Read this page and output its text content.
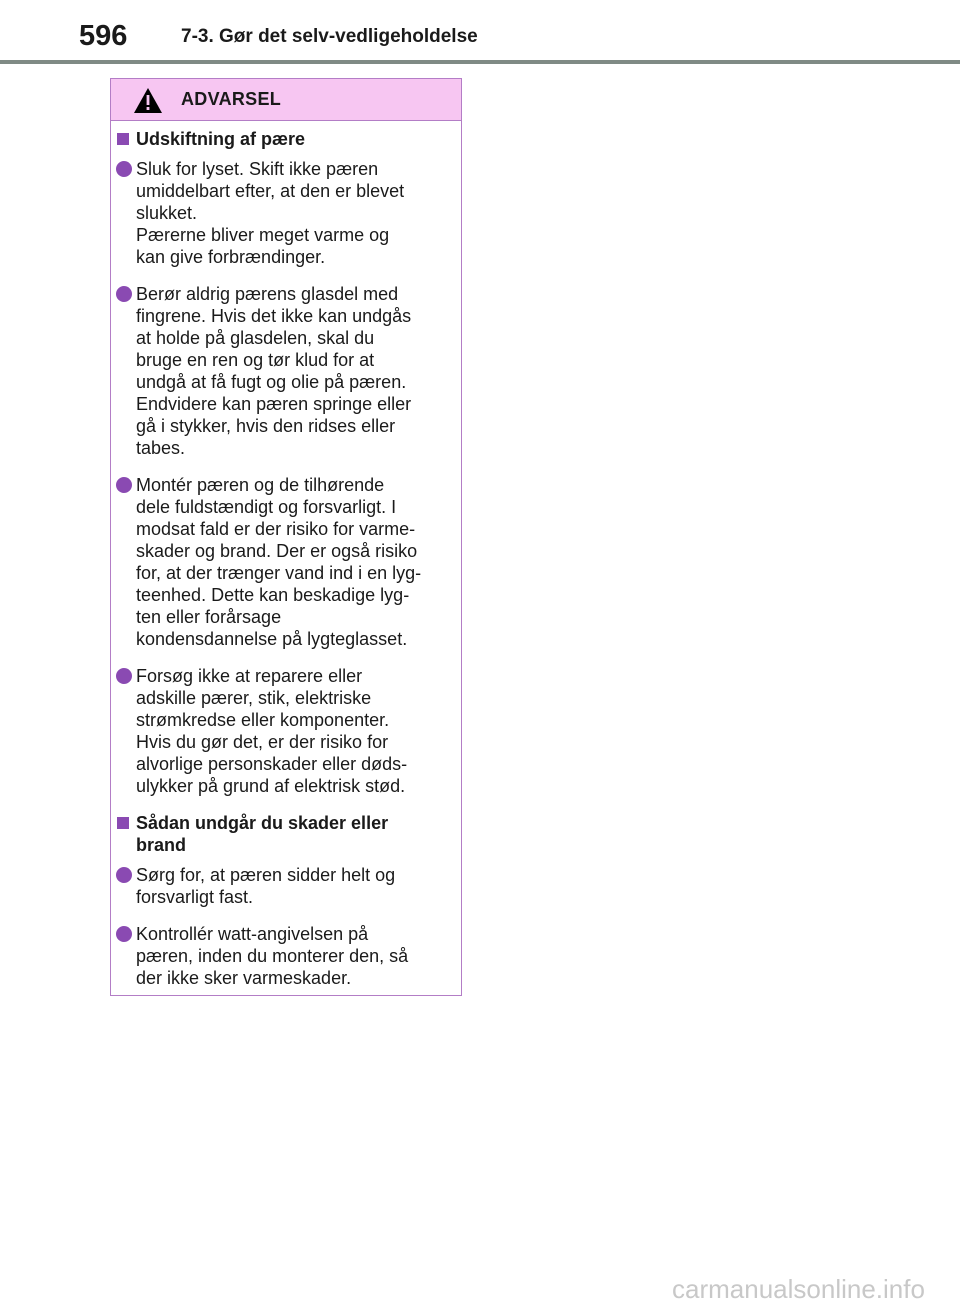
596	7-3. Gør det selv-vedligeholdelse
ADVARSEL
Udskiftning af pære
Sluk for lyset. Skift ikke pæren
umiddelbart efter, at den er blevet
slukket.
Pærerne bliver meget varme og
kan give forbrændinger.
Berør aldrig pærens glasdel med
fingrene. Hvis det ikke kan undgås
at holde på glasdelen, skal du
bruge en ren og tør klud for at
undgå at få fugt og olie på pæren.
Endvidere kan pæren springe eller
gå i stykker, hvis den ridses eller
tabes.
Montér pæren og de tilhørende
dele fuldstændigt og forsvarligt. I
modsat fald er der risiko for varme-
skader og brand. Der er også risiko
for, at der trænger vand ind i en lyg-
teenhed. Dette kan beskadige lyg-
ten eller forårsage
kondensdannelse på lygteglasset.
Forsøg ikke at reparere eller
adskille pærer, stik, elektriske
strømkredse eller komponenter.
Hvis du gør det, er der risiko for
alvorlige personskader eller døds-
ulykker på grund af elektrisk stød.
Sådan undgår du skader eller
brand
Sørg for, at pæren sidder helt og
forsvarligt fast.
Kontrollér watt-angivelsen på
pæren, inden du monterer den, så
der ikke sker varmeskader.
carmanualsonline.info
